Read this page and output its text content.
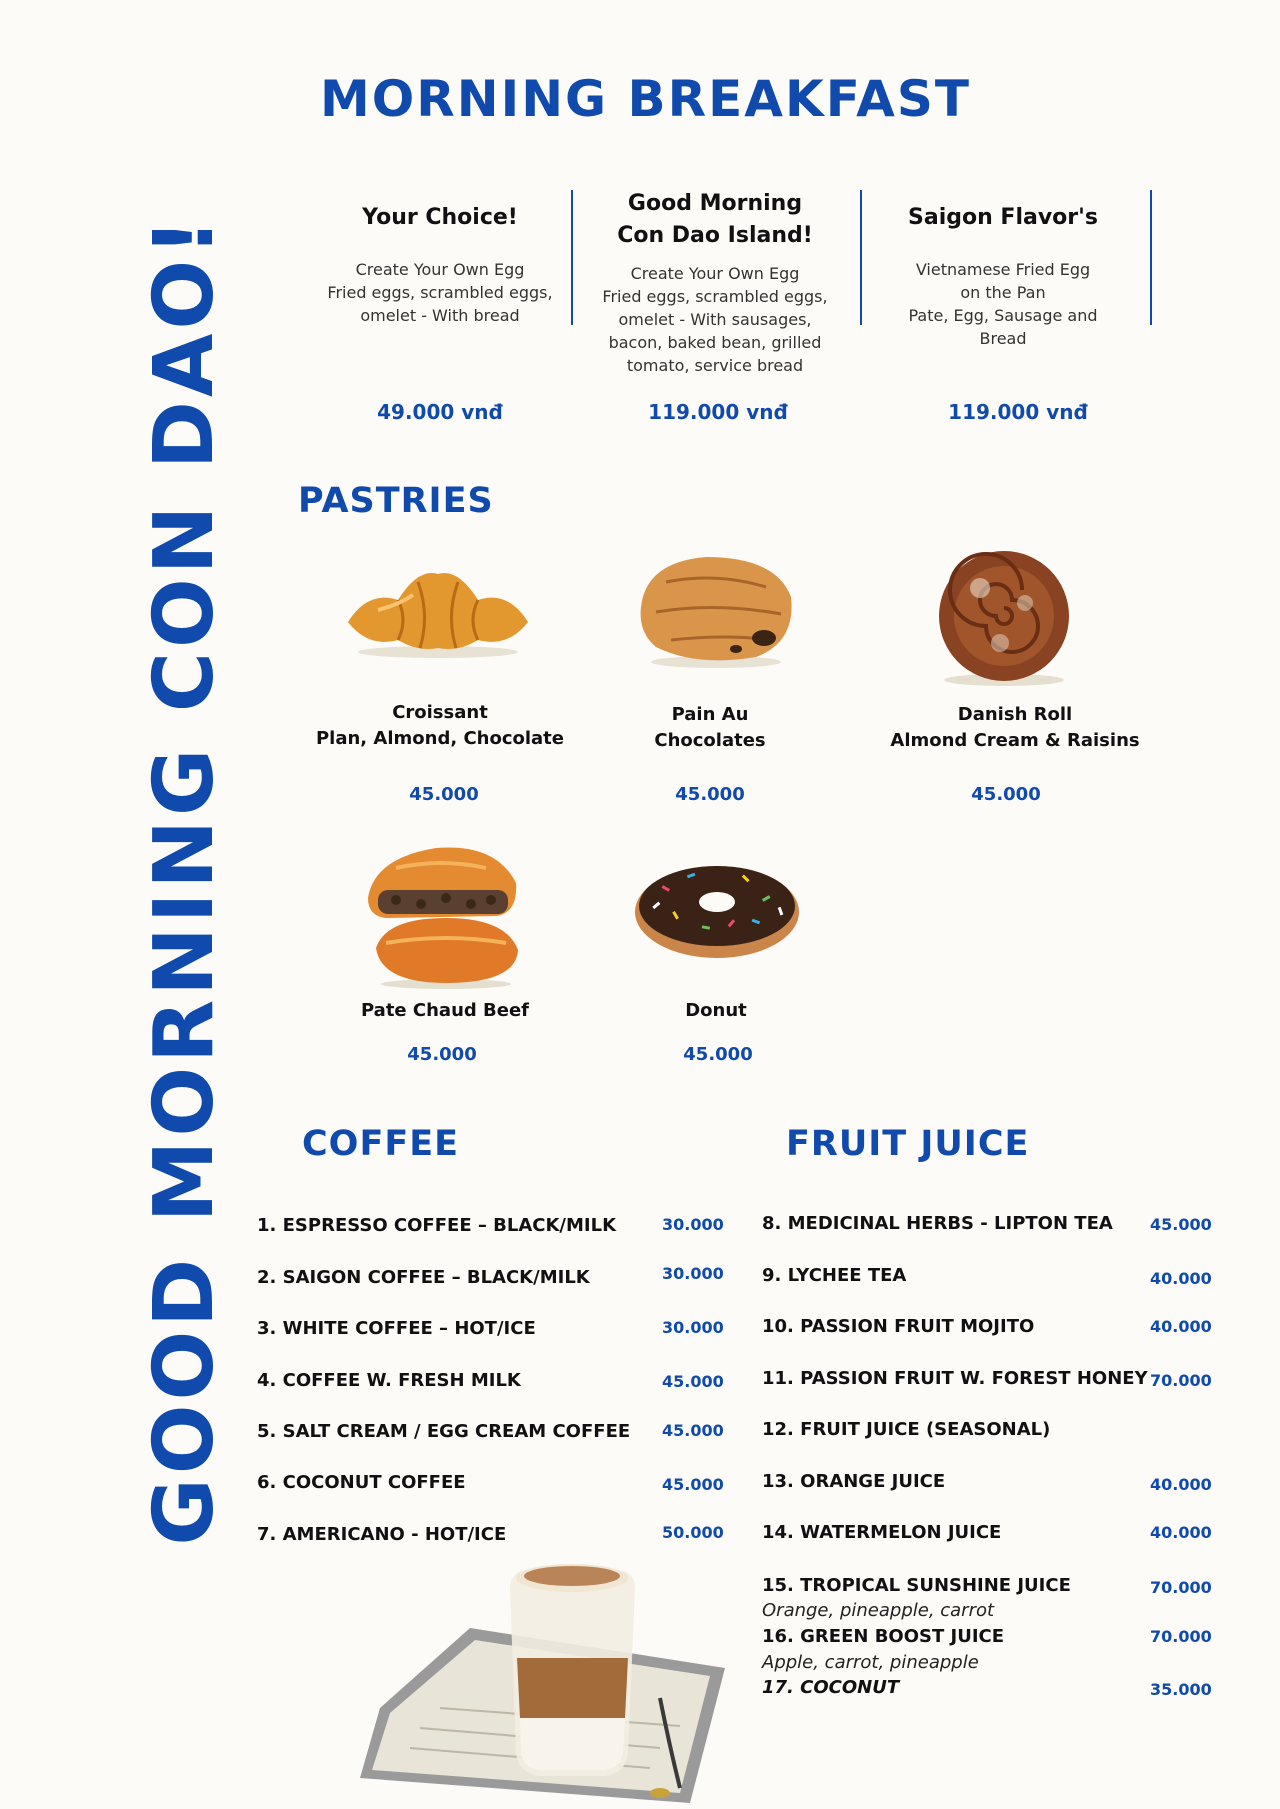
GOOD MORNING CON DAO!
MORNING BREAKFAST
Your Choice!
Create Your Own Egg
Fried eggs, scrambled eggs,
omelet - With bread
Good Morning
Con Dao Island!
Create Your Own Egg
Fried eggs, scrambled eggs,
omelet - With sausages,
bacon, baked bean, grilled
tomato, service bread
Saigon Flavor's
Vietnamese Fried Egg
on the Pan
Pate, Egg, Sausage and
Bread
49.000 vnđ	119.000 vnđ	119.000 vnđ
PASTRIES
Croissant
Plan, Almond, Chocolate
Pain Au
Chocolates
Danish Roll
Almond Cream & Raisins
45.000	45.000	45.000
Pate Chaud Beef	Donut
45.000	45.000
COFFEE
1. ESPRESSO COFFEE – BLACK/MILK	30.000
2. SAIGON COFFEE – BLACK/MILK	30.000
3. WHITE COFFEE – HOT/ICE	30.000
4. COFFEE W. FRESH MILK	45.000
5. SALT CREAM / EGG CREAM COFFEE 45.000
6. COCONUT COFFEE	45.000
7. AMERICANO - HOT/ICE	50.000
FRUIT JUICE
8. MEDICINAL HERBS - LIPTON TEA 45.000
9. LYCHEE TEA	40.000
10. PASSION FRUIT MOJITO	40.000
11. PASSION FRUIT W. FOREST HONEY 70.000
12. FRUIT JUICE (SEASONAL)
13. ORANGE JUICE	40.000
14. WATERMELON JUICE	40.000
15. TROPICAL SUNSHINE JUICE	70.000
Orange, pineapple, carrot
16. GREEN BOOST JUICE	70.000
Apple, carrot, pineapple
17. COCONUT	35.000
